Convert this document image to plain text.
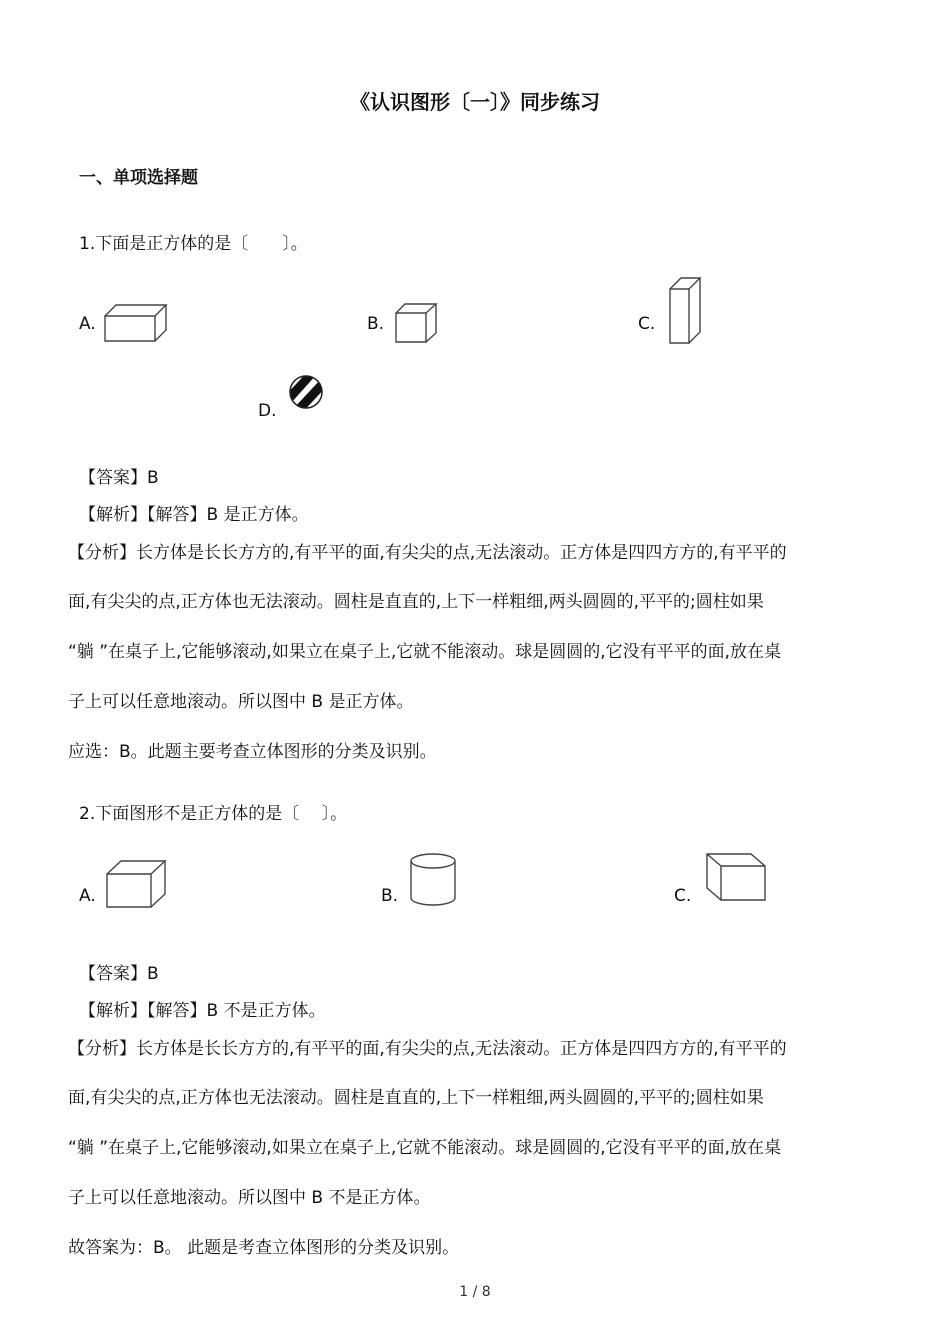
《认识图形〔一〕》同步练习
一、单项选择题
1.下面是正方体的是〔　　〕。
A.	B.	C.
D.
【答案】B
【解析】【解答】B 是正方体。
【分析】长方体是长长方方的,有平平的面,有尖尖的点,无法滚动。正方体是四四方方的,有平平的
面,有尖尖的点,正方体也无法滚动。圆柱是直直的,上下一样粗细,两头圆圆的,平平的;圆柱如果
“躺 ”在桌子上,它能够滚动,如果立在桌子上,它就不能滚动。球是圆圆的,它没有平平的面,放在桌
子上可以任意地滚动。所以图中 B 是正方体。
应选：B。此题主要考查立体图形的分类及识别。
2.下面图形不是正方体的是〔　 〕。
A.	B.	C.
【答案】B
【解析】【解答】B 不是正方体。
【分析】长方体是长长方方的,有平平的面,有尖尖的点,无法滚动。正方体是四四方方的,有平平的
面,有尖尖的点,正方体也无法滚动。圆柱是直直的,上下一样粗细,两头圆圆的,平平的;圆柱如果
“躺 ”在桌子上,它能够滚动,如果立在桌子上,它就不能滚动。球是圆圆的,它没有平平的面,放在桌
子上可以任意地滚动。所以图中 B 不是正方体。
故答案为：B。 此题是考查立体图形的分类及识别。
1 / 8
